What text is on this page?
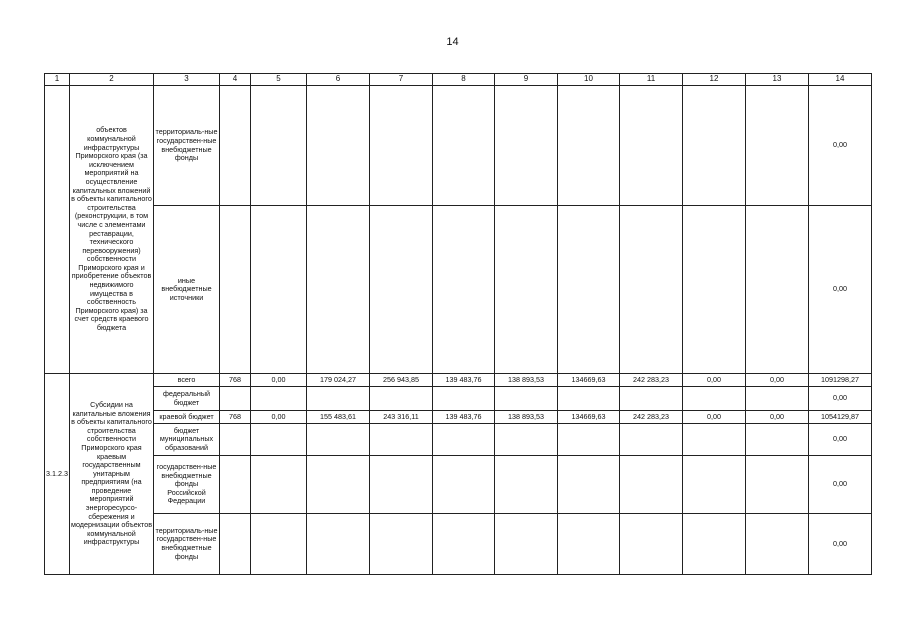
14
1	2	3	4	5	6	7	8	9	10	11	12	13	14
	объектов коммунальной инфраструктуры Приморского края (за исключением мероприятий на осуществление капитальных вложений в объекты капитального строительства (реконструкции, в том числе с элементами реставрации, технического перевооружения) собственности Приморского края и приобретение объектов недвижимого имущества в собственность Приморского края) за счет средств краевого бюджета	территориаль-ные государствен-ные внебюджетные фонды											0,00
		иные внебюджетные источники											0,00
3.1.2.3	Субсидии на капитальные вложения в объекты капитального строительства собственности Приморского края краевым государственным унитарным предприятиям (на проведение мероприятий энергоресурсо-сбережения и модернизации объектов коммунальной инфраструктуры	всего	768	0,00	179 024,27	256 943,85	139 483,76	138 893,53	134669,63	242 283,23	0,00	0,00	1091298,27
		федеральный бюджет											0,00
		краевой бюджет	768	0,00	155 483,61	243 316,11	139 483,76	138 893,53	134669,63	242 283,23	0,00	0,00	1054129,87
		бюджет муниципальных образований											0,00
		государствен-ные внебюджетные фонды Российской Федерации											0,00
		территориаль-ные государствен-ные внебюджетные фонды											0,00
